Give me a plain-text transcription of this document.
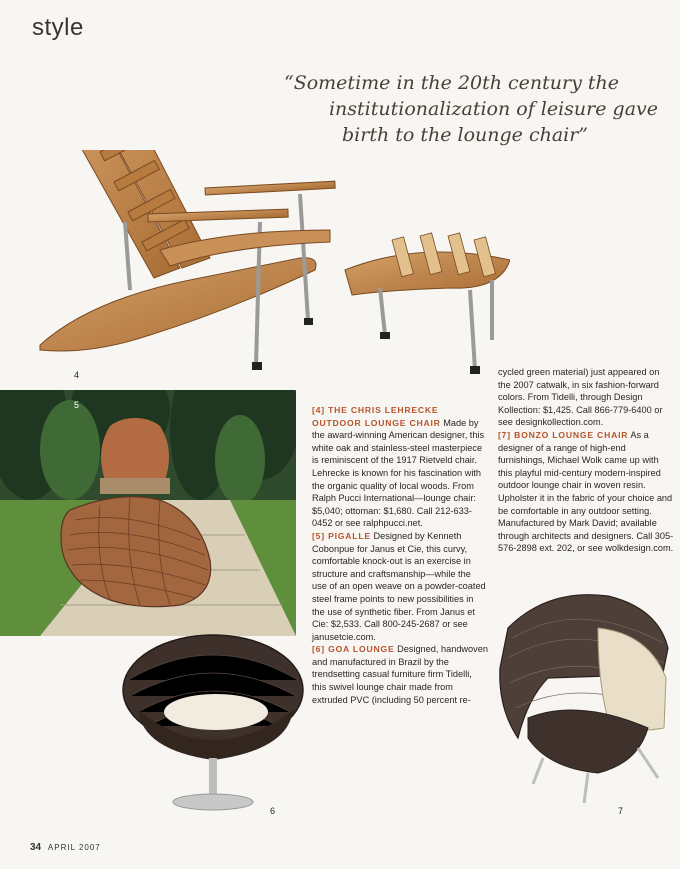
style
“Sometime in the 20th century the
institutionalization of leisure gave
birth to the lounge chair”
4
5
6	7

[4] THE CHRIS LEHRECKE OUTDOOR LOUNGE CHAIR Made by the award-winning American designer, this white oak and stainless-steel masterpiece is reminiscent of the 1917 Rietveld chair. Lehrecke is known for his fascination with the organic quality of local woods. From Ralph Pucci International—lounge chair: $5,040; ottoman: $1,680. Call 212-633-0452 or see ralphpucci.net.

[5] PIGALLE Designed by Kenneth Cobonpue for Janus et Cie, this curvy, comfortable knock-out is an exercise in structure and craftsmanship—while the use of an open weave on a powder-coated steel frame points to new possibilities in the use of synthetic fiber. From Janus et Cie: $2,533. Call 800-245-2687 or see janusetcie.com.

[6] GOA LOUNGE Designed, handwoven and manufactured in Brazil by the trendsetting casual furniture firm Tidelli, this swivel lounge chair made from extruded PVC (including 50 percent re-

cycled green material) just appeared on the 2007 catwalk, in six fashion-forward colors. From Tidelli, through Design Kollection: $1,425. Call 866-779-6400 or see designkollection.com.

[7] BONZO LOUNGE CHAIR As a designer of a range of high-end furnishings, Michael Wolk came up with this playful mid-century modern-inspired outdoor lounge chair in woven resin. Upholster it in the fabric of your choice and be comfortable in any outdoor setting. Manufactured by Mark David; available through architects and designers. Call 305-576-2898 ext. 202, or see wolkdesign.com.

34 APRIL 2007
